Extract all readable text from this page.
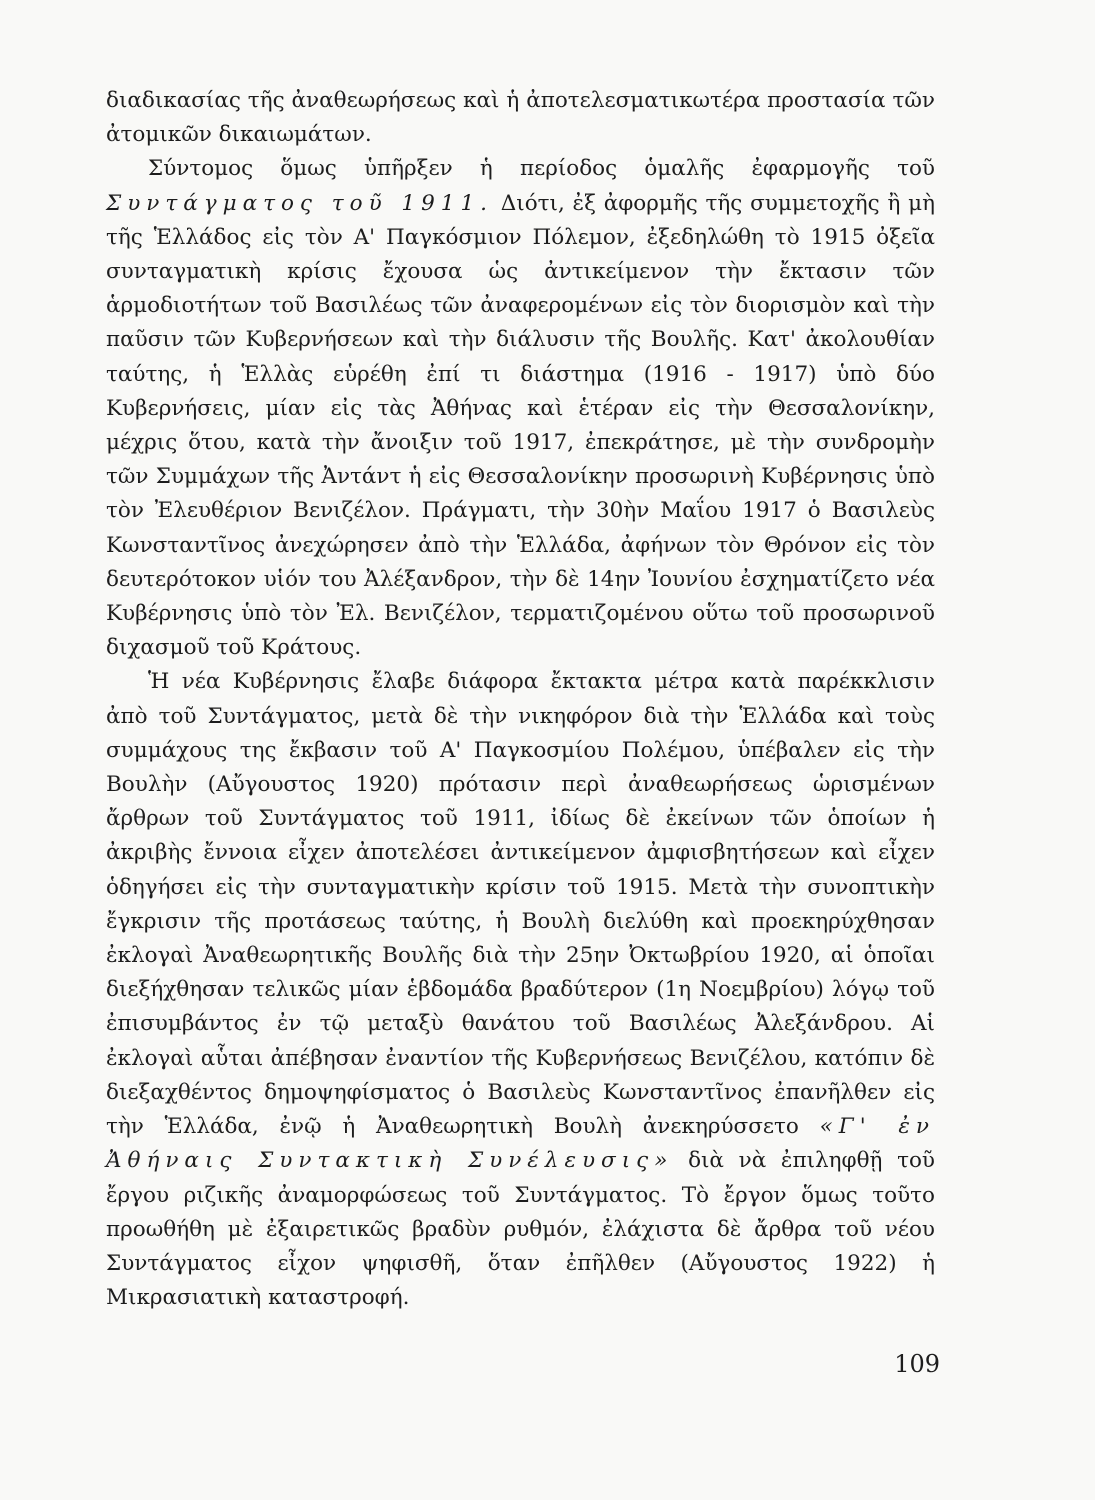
διαδικασίας τῆς ἀναθεωρήσεως καὶ ἡ ἀποτελεσματικωτέρα προστασία τῶν ἀτομικῶν δικαιωμάτων.

Σύντομος ὅμως ὑπῆρξεν ἡ περίοδος ὁμαλῆς ἐφαρμογῆς τοῦ Συντάγματος τοῦ 1911. Διότι, ἐξ ἀφορμῆς τῆς συμμετοχῆς ἢ μὴ τῆς Ἑλλάδος εἰς τὸν Α' Παγκόσμιον Πόλεμον, ἐξεδηλώθη τὸ 1915 ὀξεῖα συνταγματικὴ κρίσις ἔχουσα ὡς ἀντικείμενον τὴν ἔκτασιν τῶν ἁρμοδιοτήτων τοῦ Βασιλέως τῶν ἀναφερομένων εἰς τὸν διορισμὸν καὶ τὴν παῦσιν τῶν Κυβερνήσεων καὶ τὴν διάλυσιν τῆς Βουλῆς. Κατ' ἀκολουθίαν ταύτης, ἡ Ἑλλὰς εὑρέθη ἐπί τι διάστημα (1916 - 1917) ὑπὸ δύο Κυβερνήσεις, μίαν εἰς τὰς Ἀθήνας καὶ ἑτέραν εἰς τὴν Θεσσαλονίκην, μέχρις ὅτου, κατὰ τὴν ἄνοιξιν τοῦ 1917, ἐπεκράτησε, μὲ τὴν συνδρομὴν τῶν Συμμάχων τῆς Ἀντάντ ἡ εἰς Θεσσαλονίκην προσωρινὴ Κυβέρνησις ὑπὸ τὸν Ἐλευθέριον Βενιζέλον. Πράγματι, τὴν 30ὴν Μαΐου 1917 ὁ Βασιλεὺς Κωνσταντῖνος ἀνεχώρησεν ἀπὸ τὴν Ἑλλάδα, ἀφήνων τὸν Θρόνον εἰς τὸν δευτερότοκον υἱόν του Ἀλέξανδρον, τὴν δὲ 14ην Ἰουνίου ἐσχηματίζετο νέα Κυβέρνησις ὑπὸ τὸν Ἐλ. Βενιζέλον, τερματιζομένου οὕτω τοῦ προσωρινοῦ διχασμοῦ τοῦ Κράτους.

Ἡ νέα Κυβέρνησις ἔλαβε διάφορα ἔκτακτα μέτρα κατὰ παρέκκλισιν ἀπὸ τοῦ Συντάγματος, μετὰ δὲ τὴν νικηφόρον διὰ τὴν Ἑλλάδα καὶ τοὺς συμμάχους της ἔκβασιν τοῦ Α' Παγκοσμίου Πολέμου, ὑπέβαλεν εἰς τὴν Βουλὴν (Αὔγουστος 1920) πρότασιν περὶ ἀναθεωρήσεως ὡρισμένων ἄρθρων τοῦ Συντάγματος τοῦ 1911, ἰδίως δὲ ἐκείνων τῶν ὁποίων ἡ ἀκριβὴς ἔννοια εἶχεν ἀποτελέσει ἀντικείμενον ἀμφισβητήσεων καὶ εἶχεν ὁδηγήσει εἰς τὴν συνταγματικὴν κρίσιν τοῦ 1915. Μετὰ τὴν συνοπτικὴν ἔγκρισιν τῆς προτάσεως ταύτης, ἡ Βουλὴ διελύθη καὶ προεκηρύχθησαν ἐκλογαὶ Ἀναθεωρητικῆς Βουλῆς διὰ τὴν 25ην Ὀκτωβρίου 1920, αἱ ὁποῖαι διεξήχθησαν τελικῶς μίαν ἑβδομάδα βραδύτερον (1η Νοεμβρίου) λόγῳ τοῦ ἐπισυμβάντος ἐν τῷ μεταξὺ θανάτου τοῦ Βασιλέως Ἀλεξάνδρου. Αἱ ἐκλογαὶ αὗται ἀπέβησαν ἐναντίον τῆς Κυβερνήσεως Βενιζέλου, κατόπιν δὲ διεξαχθέντος δημοψηφίσματος ὁ Βασιλεὺς Κωνσταντῖνος ἐπανῆλθεν εἰς τὴν Ἑλλάδα, ἐνῷ ἡ Ἀναθεωρητικὴ Βουλὴ ἀνεκηρύσσετο «Γ' ἐν Ἀθήναις Συντακτικὴ Συνέλευσις» διὰ νὰ ἐπιληφθῇ τοῦ ἔργου ριζικῆς ἀναμορφώσεως τοῦ Συντάγματος. Τὸ ἔργον ὅμως τοῦτο προωθήθη μὲ ἐξαιρετικῶς βραδὺν ρυθμόν, ἐλάχιστα δὲ ἄρθρα τοῦ νέου Συντάγματος εἶχον ψηφισθῆ, ὅταν ἐπῆλθεν (Αὔγουστος 1922) ἡ Μικρασιατικὴ καταστροφή.

109
